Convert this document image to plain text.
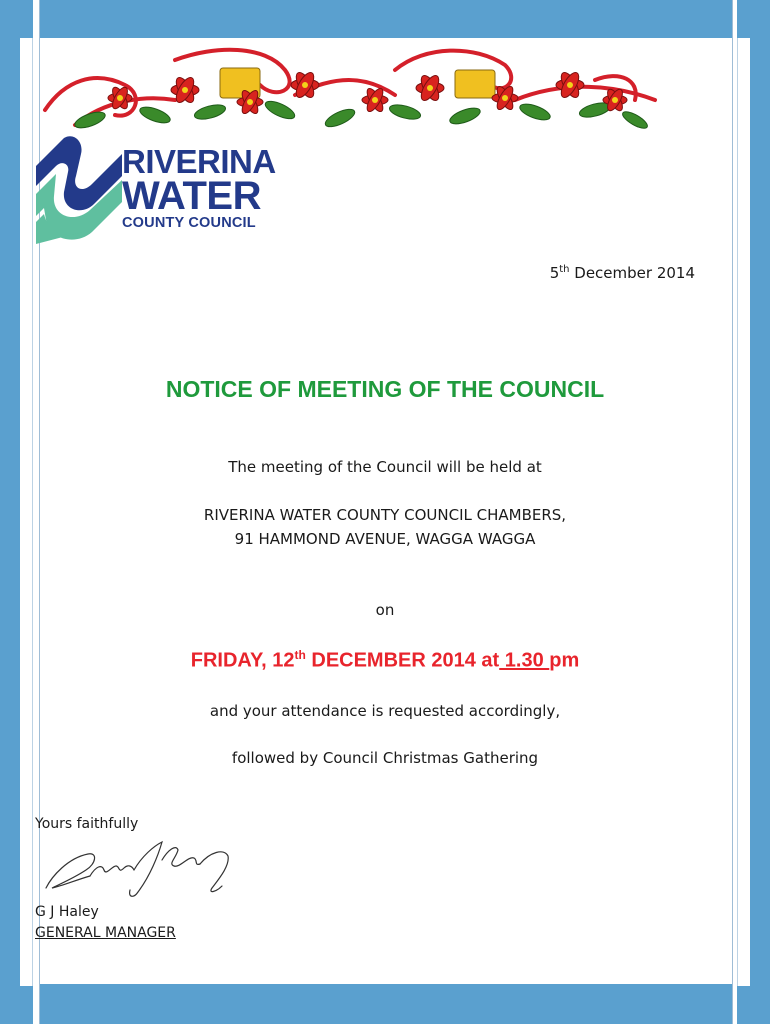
RIVERINA
WATER
COUNTY COUNCIL
5th December 2014
NOTICE OF MEETING OF THE COUNCIL
The meeting of the Council will be held at
RIVERINA WATER COUNTY COUNCIL CHAMBERS,
91 HAMMOND AVENUE, WAGGA WAGGA
on
FRIDAY, 12th DECEMBER 2014 at 1.30 pm
and your attendance is requested accordingly,
followed by Council Christmas Gathering
Yours faithfully
G J Haley
GENERAL MANAGER
